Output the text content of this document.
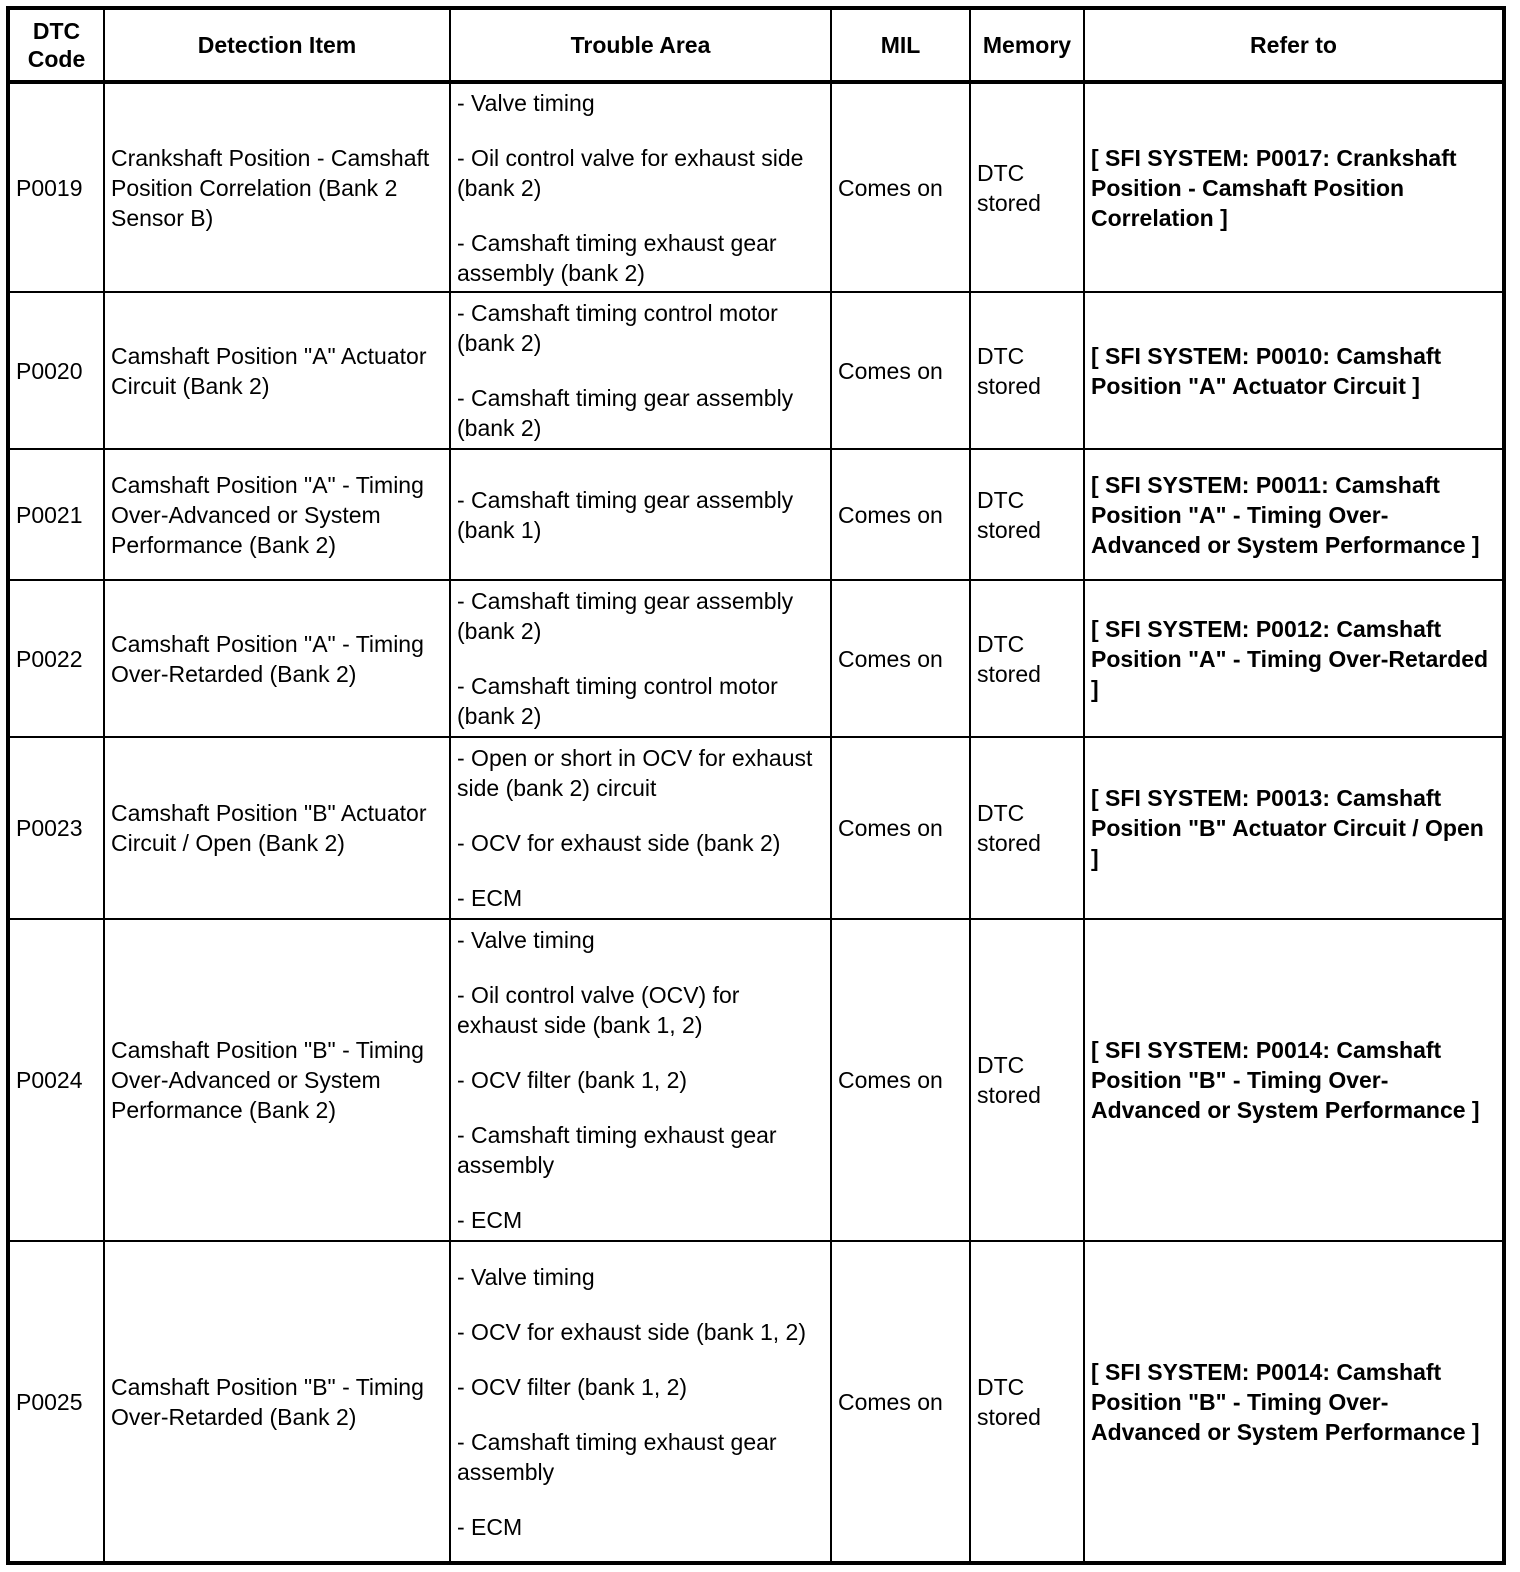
DTC Code	Detection Item	Trouble Area	MIL	Memory	Refer to
P0019	Crankshaft Position - Camshaft Position Correlation (Bank 2 Sensor B)	- Valve timing

- Oil control valve for exhaust side (bank 2)

- Camshaft timing exhaust gear assembly (bank 2)	Comes on	DTC stored	[ SFI SYSTEM: P0017: Crankshaft Position - Camshaft Position Correlation ]
P0020	Camshaft Position "A" Actuator Circuit (Bank 2)	- Camshaft timing control motor (bank 2)

- Camshaft timing gear assembly (bank 2)	Comes on	DTC stored	[ SFI SYSTEM: P0010: Camshaft Position "A" Actuator Circuit ]
P0021	Camshaft Position "A" - Timing Over-Advanced or System Performance (Bank 2)	- Camshaft timing gear assembly (bank 1)	Comes on	DTC stored	[ SFI SYSTEM: P0011: Camshaft Position "A" - Timing Over-Advanced or System Performance ]
P0022	Camshaft Position "A" - Timing Over-Retarded (Bank 2)	- Camshaft timing gear assembly (bank 2)

- Camshaft timing control motor (bank 2)	Comes on	DTC stored	[ SFI SYSTEM: P0012: Camshaft Position "A" - Timing Over-Retarded ]
P0023	Camshaft Position "B" Actuator Circuit / Open (Bank 2)	- Open or short in OCV for exhaust side (bank 2) circuit

- OCV for exhaust side (bank 2)

- ECM	Comes on	DTC stored	[ SFI SYSTEM: P0013: Camshaft Position "B" Actuator Circuit / Open ]
P0024	Camshaft Position "B" - Timing Over-Advanced or System Performance (Bank 2)	- Valve timing

- Oil control valve (OCV) for exhaust side (bank 1, 2)

- OCV filter (bank 1, 2)

- Camshaft timing exhaust gear assembly

- ECM	Comes on	DTC stored	[ SFI SYSTEM: P0014: Camshaft Position "B" - Timing Over-Advanced or System Performance ]
P0025	Camshaft Position "B" - Timing Over-Retarded (Bank 2)	- Valve timing

- OCV for exhaust side (bank 1, 2)

- OCV filter (bank 1, 2)

- Camshaft timing exhaust gear assembly

- ECM	Comes on	DTC stored	[ SFI SYSTEM: P0014: Camshaft Position "B" - Timing Over-Advanced or System Performance ]
